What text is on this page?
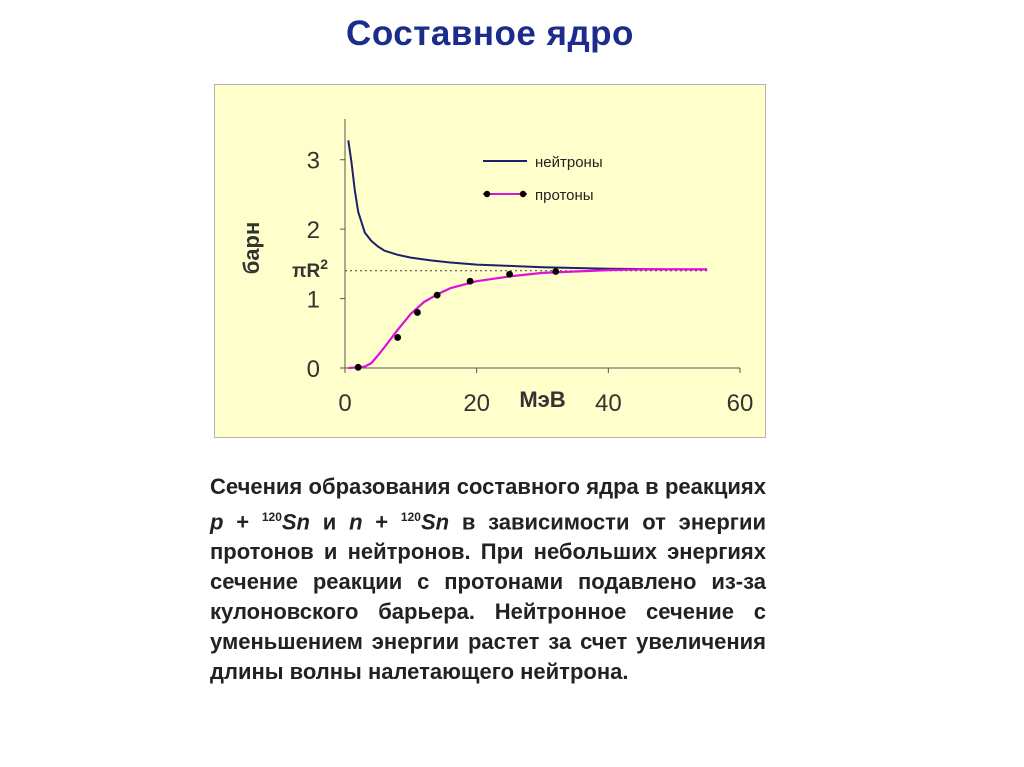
Составное ядро
0
1
2
3
0	20	40	60
МэВ
барн $\pi R^2$
нейтроны
протоны
Сечения образования составного ядра в реакциях p + $^{120}$Sn и n + $^{120}$Sn в зависимости от энергии протонов и нейтронов. При небольших энергиях сечение реакции с протонами подавлено из-за кулоновского барьера. Нейтронное сечение с уменьшением энергии растет за счет увеличения длины волны налетающего нейтрона.
